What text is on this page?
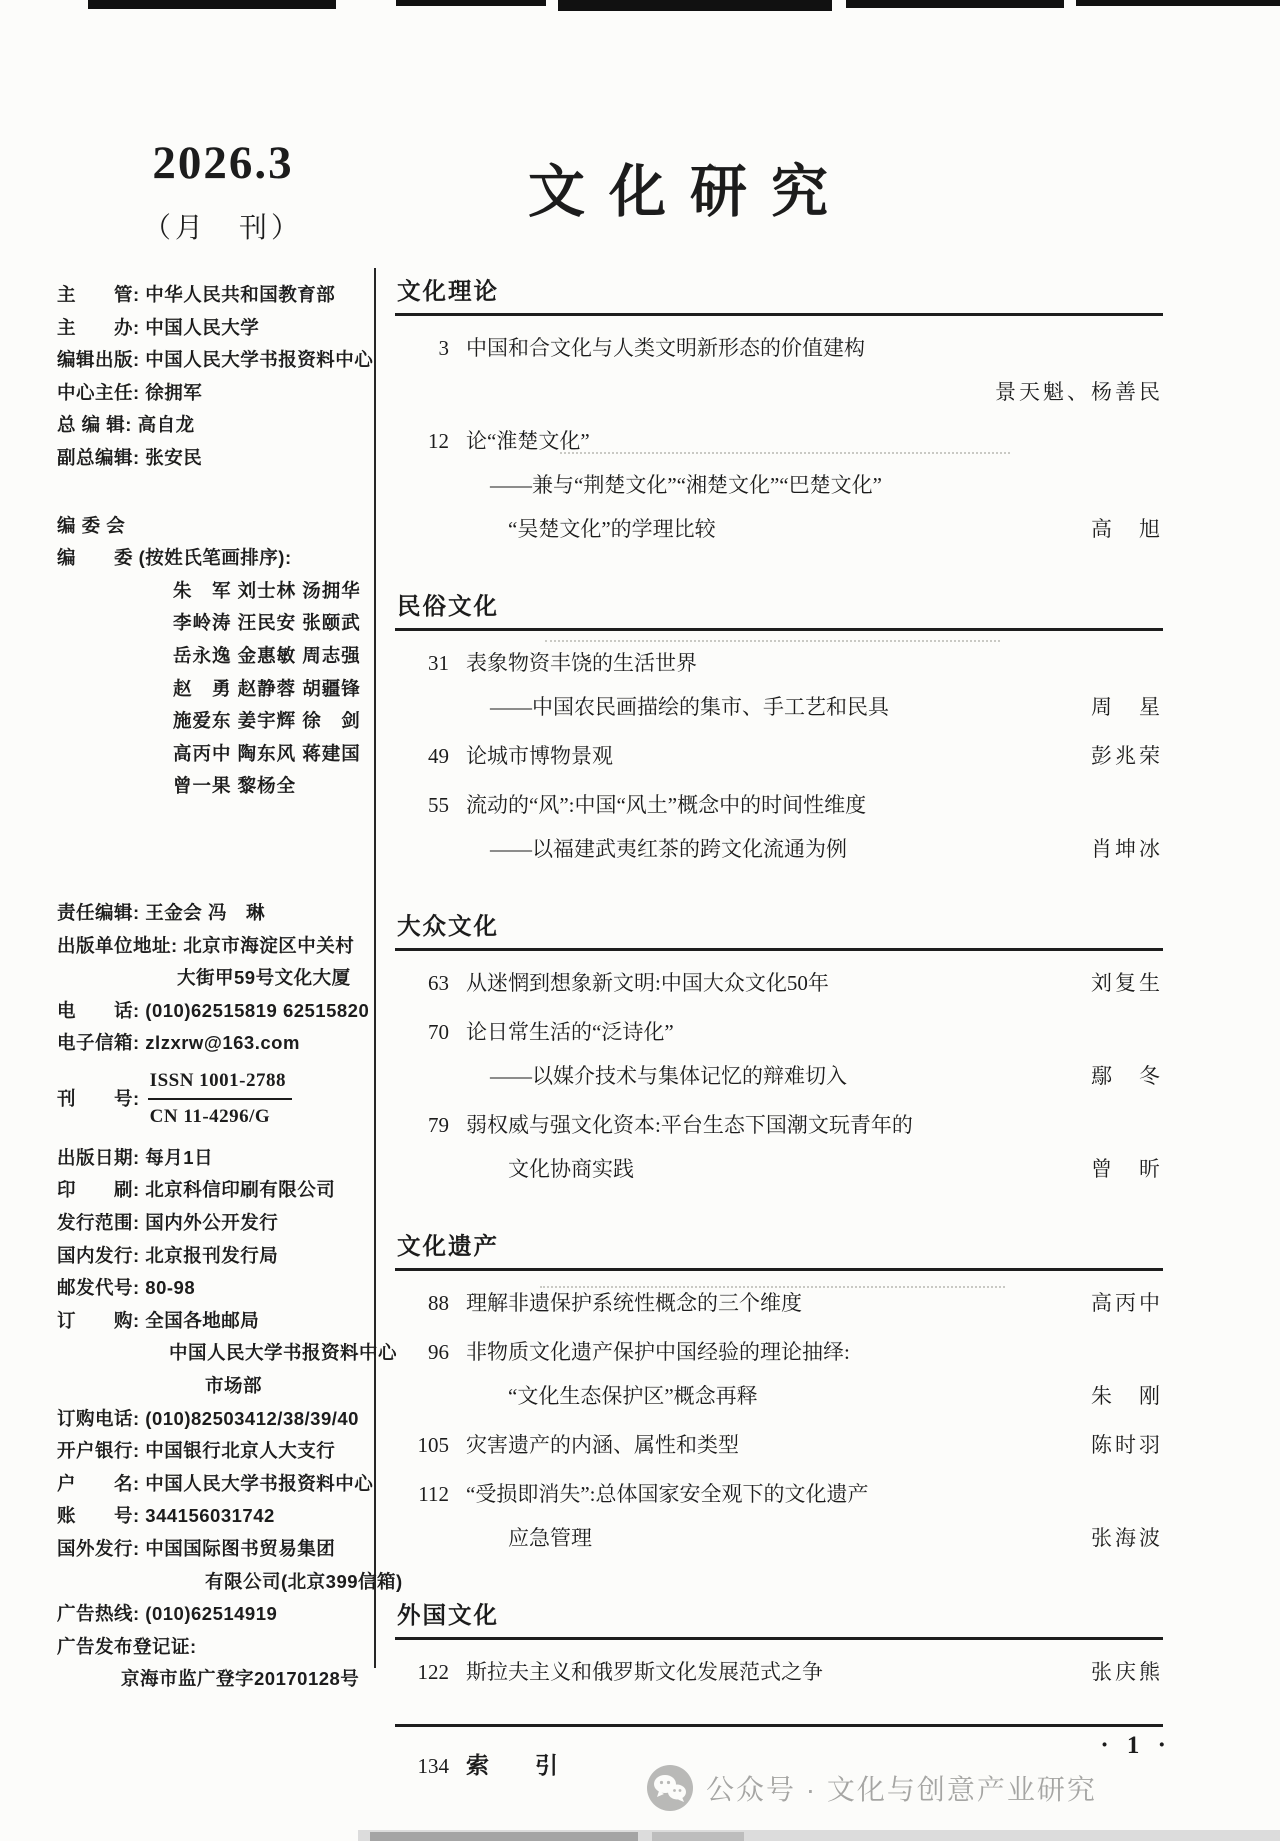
2026.3
（月　刊）
文化研究
主　　管: 中华人民共和国教育部
主　　办: 中国人民大学
编辑出版: 中国人民大学书报资料中心
中心主任: 徐拥军
总 编 辑: 高自龙
副总编辑: 张安民
编 委 会
编　　委 (按姓氏笔画排序):
朱　军 刘士林 汤拥华
李岭涛 汪民安 张颐武
岳永逸 金惠敏 周志强
赵　勇 赵静蓉 胡疆锋
施爱东 姜宇辉 徐　剑
高丙中 陶东风 蒋建国
曾一果 黎杨全
责任编辑: 王金会 冯　琳
出版单位地址: 北京市海淀区中关村
大街甲59号文化大厦
电　　话: (010)62515819 62515820
电子信箱: zlzxrw@163.com
刊　　号: $\frac{\text{ISSN 1001-2788}}{CN 11-4296/G}$
出版日期: 每月1日
印　　刷: 北京科信印刷有限公司
发行范围: 国内外公开发行
国内发行: 北京报刊发行局
邮发代号: 80-98
订　　购: 全国各地邮局
中国人民大学书报资料中心
市场部
订购电话: (010)82503412/38/39/40
开户银行: 中国银行北京人大支行
户　　名: 中国人民大学书报资料中心
账　　号: 344156031742
国外发行: 中国国际图书贸易集团
有限公司(北京399信箱)
广告热线: (010)62514919
广告发布登记证:
京海市监广登字20170128号
文化理论
3 中国和合文化与人类文明新形态的价值建构
景天魁、杨善民
12 论“淮楚文化”
——兼与“荆楚文化”“湘楚文化”“巴楚文化”
“吴楚文化”的学理比较	高　旭
民俗文化
31 表象物资丰饶的生活世界
——中国农民画描绘的集市、手工艺和民具	周　星
49 论城市博物景观	彭兆荣
55 流动的“风”:中国“风土”概念中的时间性维度
——以福建武夷红茶的跨文化流通为例	肖坤冰
大众文化
63 从迷惘到想象新文明:中国大众文化50年	刘复生
70 论日常生活的“泛诗化”
——以媒介技术与集体记忆的辩难切入	鄢　冬
79 弱权威与强文化资本:平台生态下国潮文玩青年的
文化协商实践	曾　昕
文化遗产
88 理解非遗保护系统性概念的三个维度	高丙中
96 非物质文化遗产保护中国经验的理论抽绎:
“文化生态保护区”概念再释	朱　刚
105 灾害遗产的内涵、属性和类型	陈时羽
112 “受损即消失”:总体国家安全观下的文化遗产
应急管理	张海波
外国文化
122 斯拉夫主义和俄罗斯文化发展范式之争	张庆熊
134 索　　引
· 1 ·
公众号 · 文化与创意产业研究
